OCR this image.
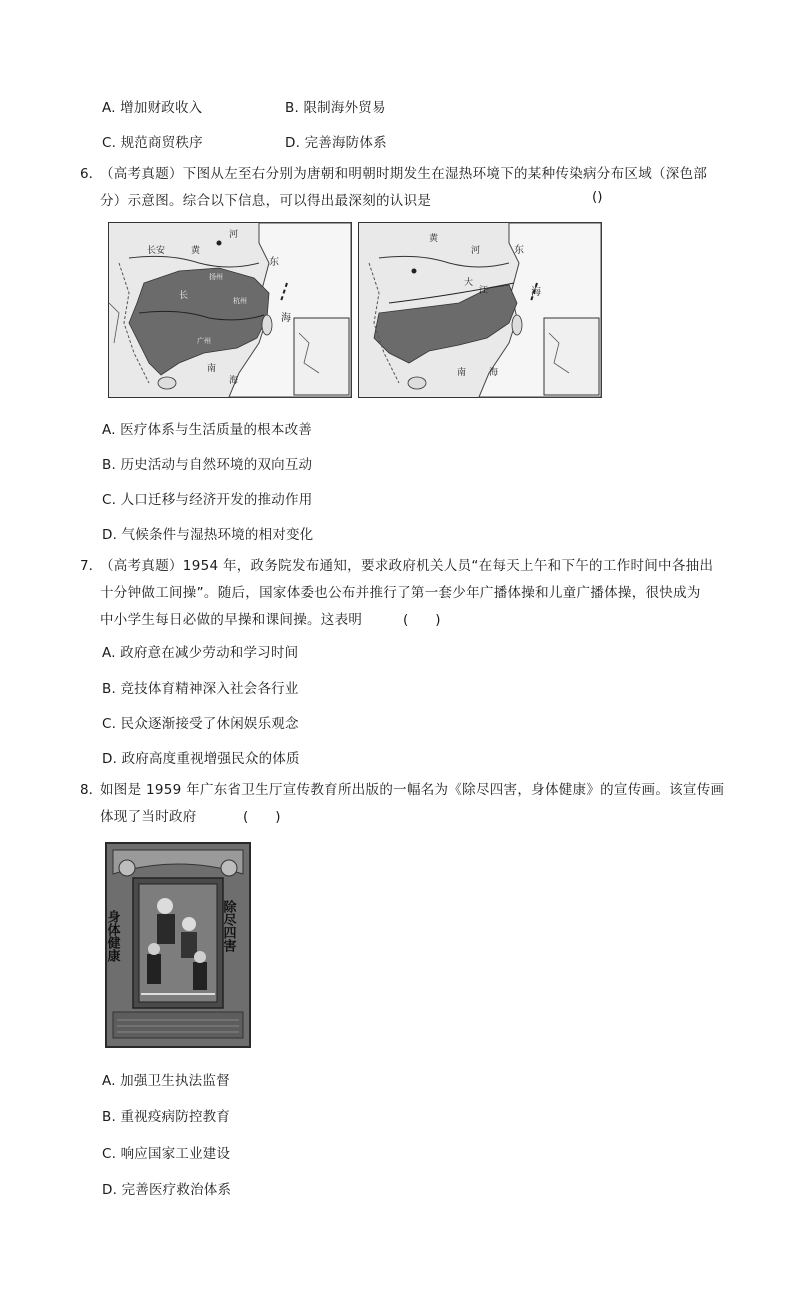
A. 增加财政收入	B. 限制海外贸易
C. 规范商贸秩序	D. 完善海防体系
6．
（高考真题）下图从左至右分别为唐朝和明朝时期发生在湿热环境下的某种传染病分布区域（深色部
分）示意图。综合以下信息，可以得出最深刻的认识是	()
长安	黄
河
东
扬州
长	杭州
海
广州
南
海
黄
河	东
海
大
江
南	海
A. 医疗体系与生活质量的根本改善
B. 历史活动与自然环境的双向互动
C. 人口迁移与经济开发的推动作用
D. 气候条件与湿热环境的相对变化
7．
（高考真题）1954 年，政务院发布通知，要求政府机关人员“在每天上午和下午的工作时间中各抽出
十分钟做工间操”。随后，国家体委也公布并推行了第一套少年广播体操和儿童广播体操，很快成为
中小学生每日必做的早操和课间操。这表明	(　　)
A. 政府意在减少劳动和学习时间
B. 竞技体育精神深入社会各行业
C. 民众逐渐接受了休闲娱乐观念
D. 政府高度重视增强民众的体质
8．
如图是 1959 年广东省卫生厅宣传教育所出版的一幅名为《除尽四害，身体健康》的宣传画。该宣传画
体现了当时政府	(　　)
身体健康	除尽四害
A. 加强卫生执法监督
B. 重视疫病防控教育
C. 响应国家工业建设
D. 完善医疗救治体系
